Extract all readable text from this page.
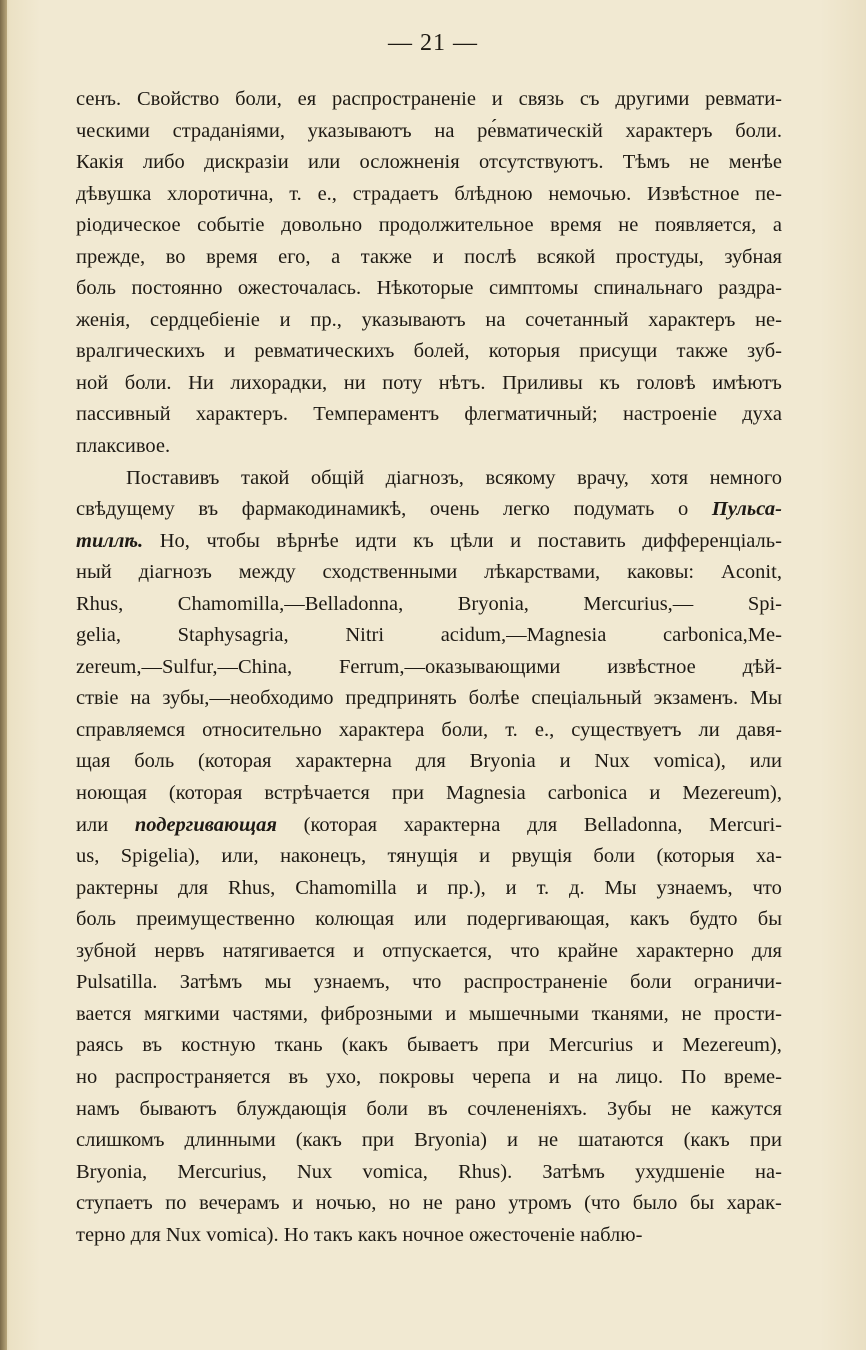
— 21 —
сенъ. Свойство боли, ея распространеніе и связь съ другими ревмати-
ческими страданіями, указываютъ на ре́вматическій характеръ боли.
Какія либо дискразіи или осложненія отсутствуютъ. Тѣмъ не менѣе
дѣвушка хлоротична, т. е., страдаетъ блѣдною немочью. Извѣстное пе-
ріодическое событіе довольно продолжительное время не появляется, а
прежде, во время его, а также и послѣ всякой простуды, зубная
боль постоянно ожесточалась. Нѣкоторые симптомы спинальнаго раздра-
женія, сердцебіеніе и пр., указываютъ на сочетанный характеръ не-
вралгическихъ и ревматическихъ болей, которыя присущи также зуб-
ной боли. Ни лихорадки, ни поту нѣтъ. Приливы къ головѣ имѣютъ
пассивный характеръ. Темпераментъ флегматичный; настроеніе духа
плаксивое.
Поставивъ такой общій діагнозъ, всякому врачу, хотя немного
свѣдущему въ фармакодинамикѣ, очень легко подумать о Пульса-
тиллѣ. Но, чтобы вѣрнѣе идти къ цѣли и поставить дифференціаль-
ный діагнозъ между сходственными лѣкарствами, каковы: Aconit,
Rhus,	Chamomilla,—Belladonna,	Bryonia,	Mercurius,—	Spi-
gelia,	Staphysagria,	Nitri	acidum,—Magnesia	carbonica,Me-
zereum,—Sulfur,—China, Ferrum,—оказывающими извѣстное дѣй-
ствіе на зубы,—необходимо предпринять болѣе спеціальный экзаменъ. Мы
справляемся относительно характера боли, т. е., существуетъ ли давя-
щая боль (которая характерна для Bryonia и Nux vomica), или
ноющая (которая встрѣчается при Magnesia carbonica и Mezereum),
или подергивающая (которая характерна для Belladonna, Mercuri-
us, Spigelia), или, наконецъ, тянущія и рвущія боли (которыя ха-
рактерны для Rhus, Chamomilla и пр.), и т. д. Мы узнаемъ, что
боль преимущественно колющая или подергивающая, какъ будто бы
зубной нервъ натягивается и отпускается, что крайне характерно для
Pulsatilla. Затѣмъ мы узнаемъ, что распространеніе боли ограничи-
вается мягкими частями, фиброзными и мышечными тканями, не прости-
раясь въ костную ткань (какъ бываетъ при Mercurius и Mezereum),
но распространяется въ ухо, покровы черепа и на лицо. По време-
намъ бываютъ блуждающія боли въ сочлененіяхъ. Зубы не кажутся
слишкомъ длинными (какъ при Bryonia) и не шатаются (какъ при
Bryonia, Mercurius, Nux vomica, Rhus). Затѣмъ ухудшеніе на-
ступаетъ по вечерамъ и ночью, но не рано утромъ (что было бы харак-
терно для Nux vomica). Но такъ какъ ночное ожесточеніе наблю-
